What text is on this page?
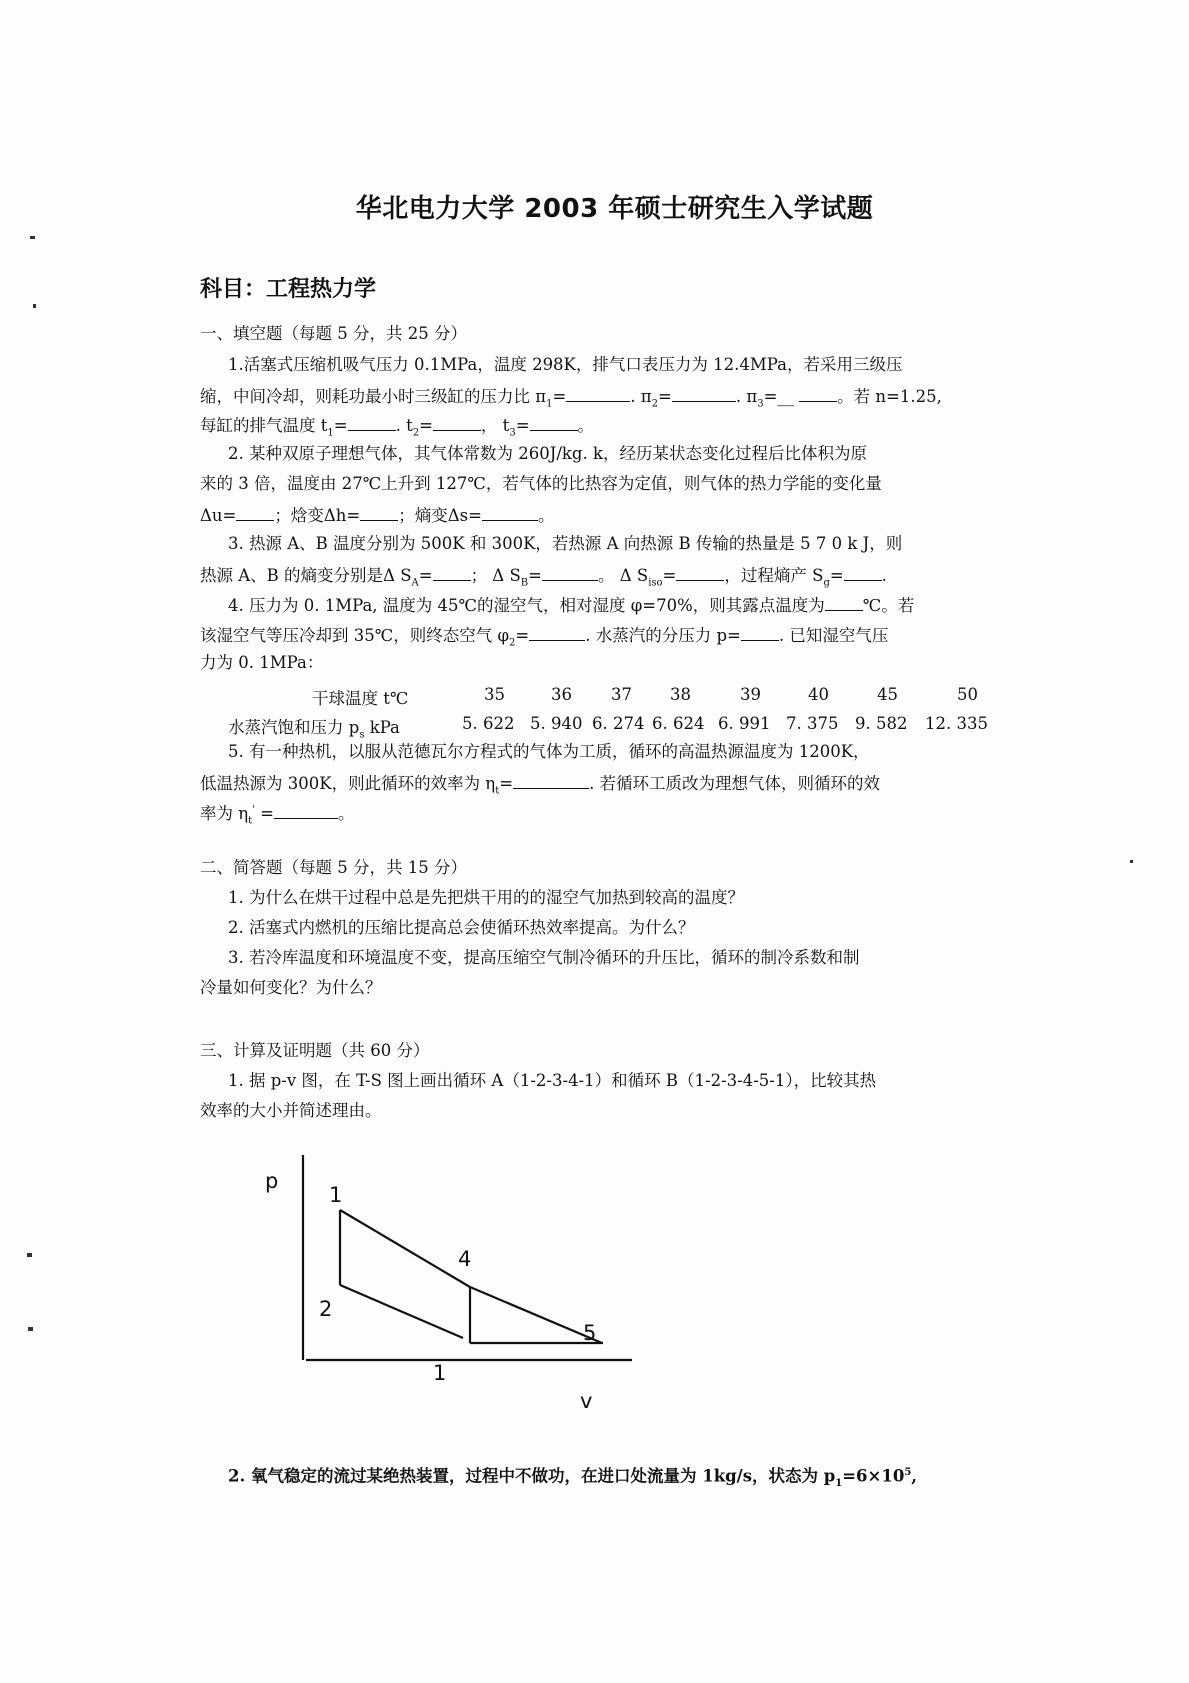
华北电力大学 2003 年硕士研究生入学试题
科目：工程热力学
一、填空题（每题 5 分，共 25 分）
1.活塞式压缩机吸气压力 0.1MPa，温度 298K，排气口表压力为 12.4MPa，若采用三级压
缩，中间冷却，则耗功最小时三级缸的压力比 $\pi_1=$	. $\pi_2=$	. $\pi_3=\_\_$ 。若 n=1.25,
每缸的排气温度 $t_1=$	. $t_2=$	， $t_3=$	。
2. 某种双原子理想气体，其气体常数为 260J/kg. k，经历某状态变化过程后比体积为原
来的 3 倍，温度由 27℃上升到 127℃，若气体的比热容为定值，则气体的热力学能的变化量
Δu= ；焓变Δh= ；熵变Δs=	。
3. 热源 A、B 温度分别为 500K 和 300K，若热源 A 向热源 B 传输的热量是 5 7 0 k J，则
热源 A、B 的熵变分别是Δ $S_A=$ ； Δ $S_B=$	。 Δ $S_{iso}=$	，过程熵产 $S_g=$ .
4. 压力为 0. 1MPa, 温度为 45℃的湿空气，相对湿度 φ=70%，则其露点温度为 ℃。若
该湿空气等压冷却到 35℃，则终态空气 $\varphi_2=$	. 水蒸汽的分压力 p= . 已知湿空气压
力为 0. 1MPa：
干球温度 t℃	35	36 37 38	39	40	45	50
水蒸汽饱和压力 $p_s$ kPa	5. 622 5. 940 6. 274 6. 624 6. 991 7. 375 9. 582 12. 335
5. 有一种热机，以服从范德瓦尔方程式的气体为工质，循环的高温热源温度为 1200K，
低温热源为 300K，则此循环的效率为 $\eta_t=$	. 若循环工质改为理想气体，则循环的效
率为 $\eta_t'$ =	。
二、简答题（每题 5 分，共 15 分）
1. 为什么在烘干过程中总是先把烘干用的的湿空气加热到较高的温度？
2. 活塞式内燃机的压缩比提高总会使循环热效率提高。为什么？
3. 若冷库温度和环境温度不变，提高压缩空气制冷循环的升压比，循环的制冷系数和制
冷量如何变化？为什么？
三、计算及证明题（共 60 分）
1. 据 p-v 图，在 T-S 图上画出循环 A（1-2-3-4-1）和循环 B（1-2-3-4-5-1），比较其热
效率的大小并简述理由。
p
v
1
2
4
5
1
2. 氧气稳定的流过某绝热装置，过程中不做功，在进口处流量为 1kg/s，状态为 $p_1=6\times 10^5$,
